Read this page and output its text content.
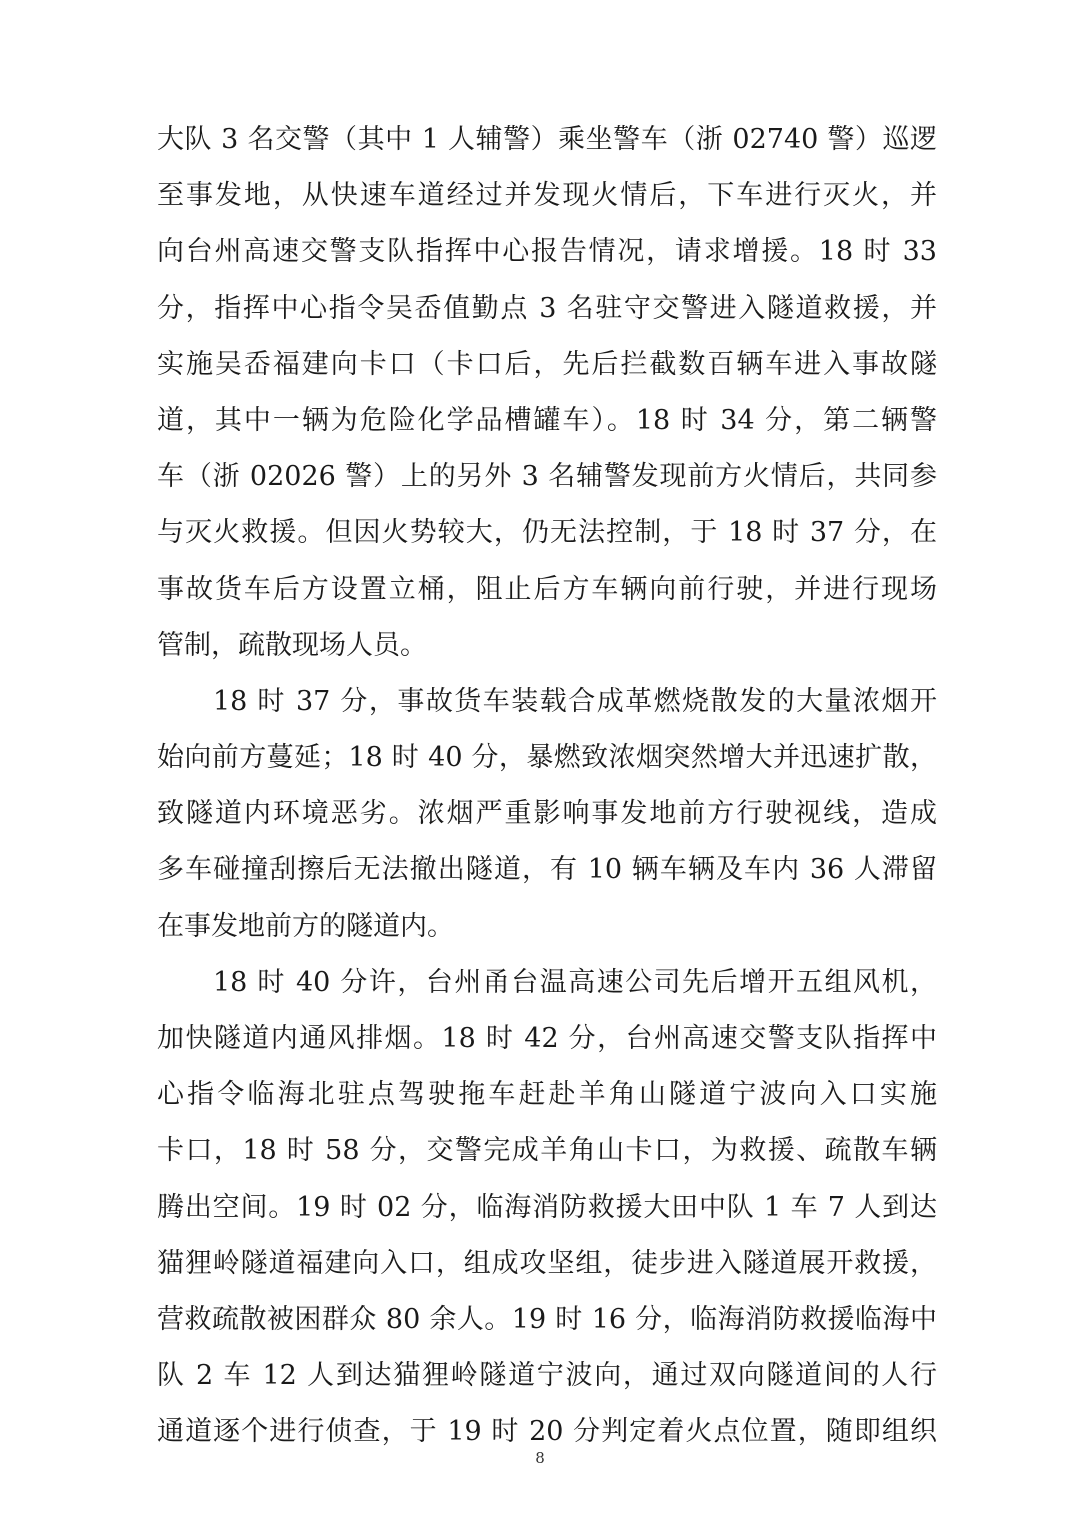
大队 3 名交警（其中 1 人辅警）乘坐警车（浙 02740 警）巡逻
至事发地，从快速车道经过并发现火情后，下车进行灭火，并
向台州高速交警支队指挥中心报告情况，请求增援。18 时 33
分，指挥中心指令吴岙值勤点 3 名驻守交警进入隧道救援，并
实施吴岙福建向卡口（卡口后，先后拦截数百辆车进入事故隧
道，其中一辆为危险化学品槽罐车）。18 时 34 分，第二辆警
车（浙 02026 警）上的另外 3 名辅警发现前方火情后，共同参
与灭火救援。但因火势较大，仍无法控制，于 18 时 37 分，在
事故货车后方设置立桶，阻止后方车辆向前行驶，并进行现场
管制，疏散现场人员。
18 时 37 分，事故货车装载合成革燃烧散发的大量浓烟开
始向前方蔓延；18 时 40 分，暴燃致浓烟突然增大并迅速扩散，
致隧道内环境恶劣。浓烟严重影响事发地前方行驶视线，造成
多车碰撞刮擦后无法撤出隧道，有 10 辆车辆及车内 36 人滞留
在事发地前方的隧道内。
18 时 40 分许，台州甬台温高速公司先后增开五组风机，
加快隧道内通风排烟。18 时 42 分，台州高速交警支队指挥中
心指令临海北驻点驾驶拖车赶赴羊角山隧道宁波向入口实施
卡口，18 时 58 分，交警完成羊角山卡口，为救援、疏散车辆
腾出空间。19 时 02 分，临海消防救援大田中队 1 车 7 人到达
猫狸岭隧道福建向入口，组成攻坚组，徒步进入隧道展开救援，
营救疏散被困群众 80 余人。19 时 16 分，临海消防救援临海中
队 2 车 12 人到达猫狸岭隧道宁波向，通过双向隧道间的人行
通道逐个进行侦查，于 19 时 20 分判定着火点位置，随即组织
8
